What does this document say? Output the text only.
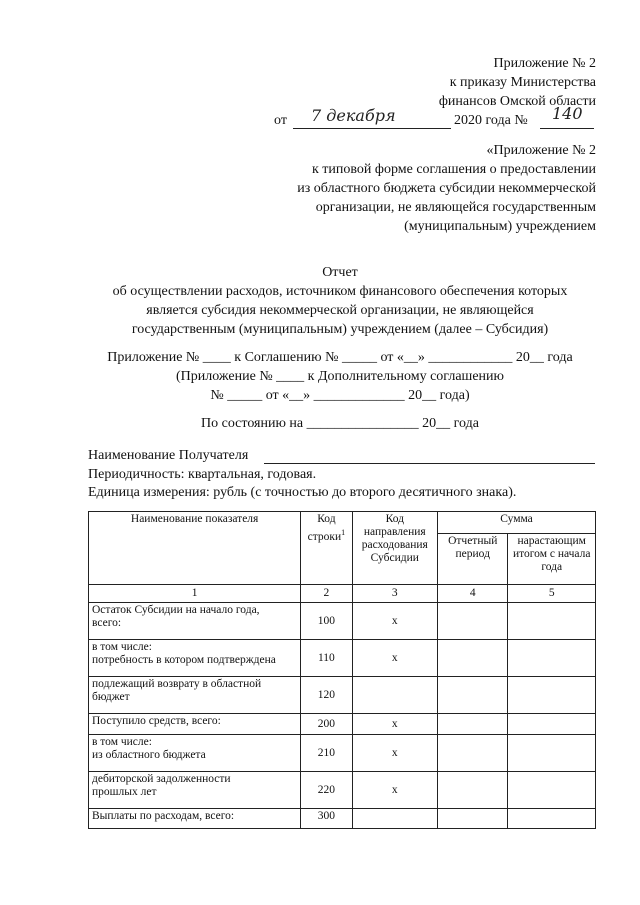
Приложение № 2
к приказу Министерства
финансов Омской области
от 7 декабря	2020 года № 140
«Приложение № 2
к типовой форме соглашения о предоставлении
из областного бюджета субсидии некоммерческой
организации, не являющейся государственным
(муниципальным) учреждением
Отчет
об осуществлении расходов, источником финансового обеспечения которых
является субсидия некоммерческой организации, не являющейся
государственным (муниципальным) учреждением (далее – Субсидия)
Приложение № ____ к Соглашению № _____ от «__» ____________ 20__ года
(Приложение № ____ к Дополнительному соглашению
№ _____ от «__» _____________ 20__ года)
По состоянию на ________________ 20__ года
Наименование Получателя
Периодичность: квартальная, годовая.
Единица измерения: рубль (с точностью до второго десятичного знака).
Наименование показателя	Код строки$^1$	Код направления расходования Субсидии	Сумма	
			Отчетный период	нарастающим итогом с начала года
1	2	3	4	5

Остаток Субсидии на начало года,
всего:	100	х		

в том числе:
потребность в котором подтверждена	110	х		

подлежащий возврату в областной
бюджет	120			

Поступило средств, всего:	200	х		

в том числе:
из областного бюджета	210	х		

дебиторской задолженности
прошлых лет	220	х		

Выплаты по расходам, всего:	300			
